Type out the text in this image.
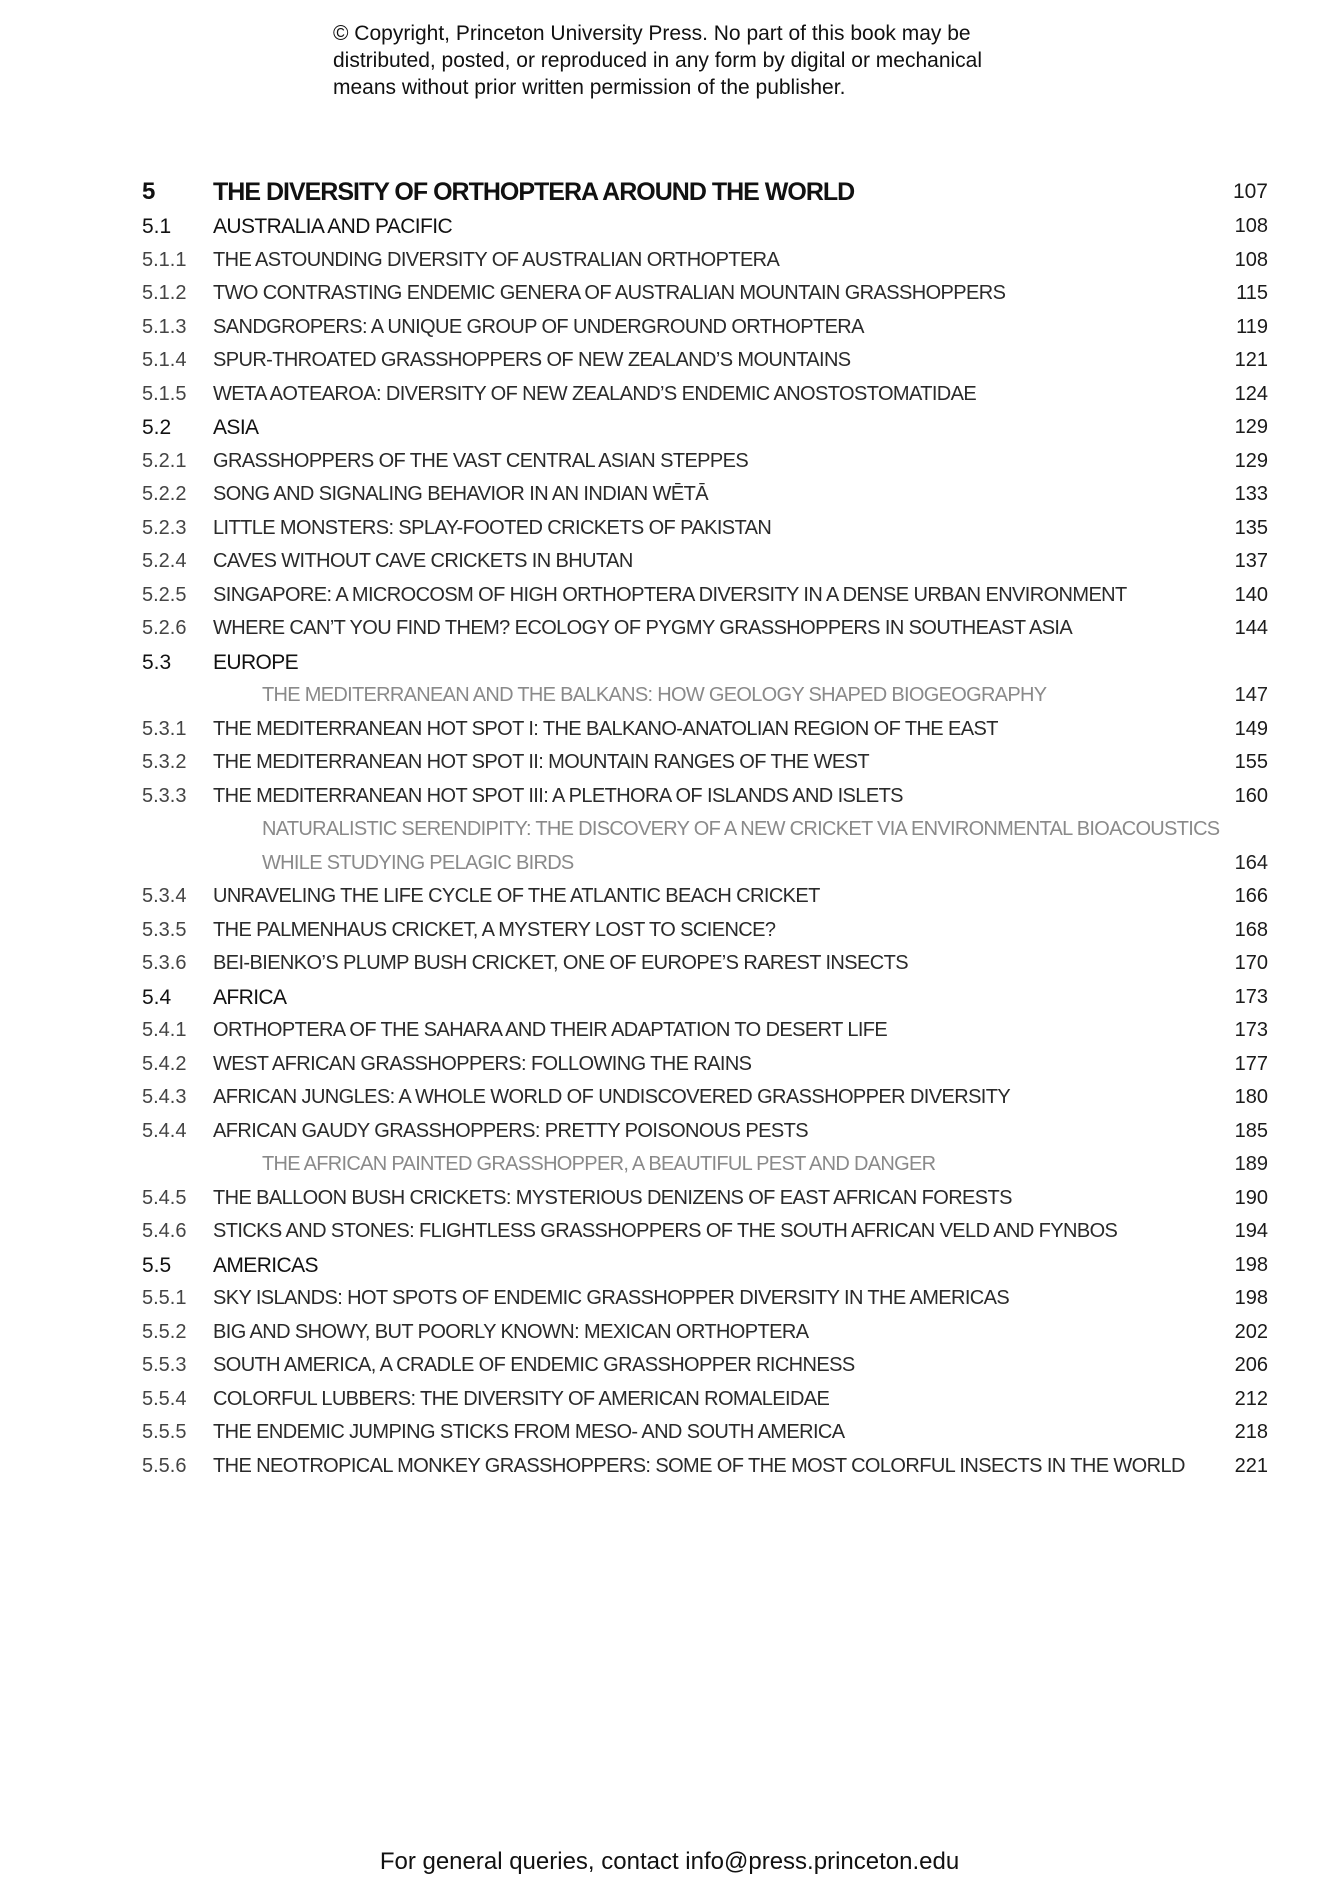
© Copyright, Princeton University Press. No part of this book may be
distributed, posted, or reproduced in any form by digital or mechanical
means without prior written permission of the publisher.
5 THE DIVERSITY OF ORTHOPTERA AROUND THE WORLD	107
5.1 AUSTRALIA AND PACIFIC	108
5.1.1 THE ASTOUNDING DIVERSITY OF AUSTRALIAN ORTHOPTERA	108
5.1.2 TWO CONTRASTING ENDEMIC GENERA OF AUSTRALIAN MOUNTAIN GRASSHOPPERS	115
5.1.3 SANDGROPERS: A UNIQUE GROUP OF UNDERGROUND ORTHOPTERA	119
5.1.4 SPUR-THROATED GRASSHOPPERS OF NEW ZEALAND’S MOUNTAINS	121
5.1.5 WETA AOTEAROA: DIVERSITY OF NEW ZEALAND’S ENDEMIC ANOSTOSTOMATIDAE	124
5.2 ASIA	129
5.2.1 GRASSHOPPERS OF THE VAST CENTRAL ASIAN STEPPES	129
5.2.2 SONG AND SIGNALING BEHAVIOR IN AN INDIAN WĒTĀ	133
5.2.3 LITTLE MONSTERS: SPLAY-FOOTED CRICKETS OF PAKISTAN	135
5.2.4 CAVES WITHOUT CAVE CRICKETS IN BHUTAN	137
5.2.5 SINGAPORE: A MICROCOSM OF HIGH ORTHOPTERA DIVERSITY IN A DENSE URBAN ENVIRONMENT	140
5.2.6 WHERE CAN’T YOU FIND THEM? ECOLOGY OF PYGMY GRASSHOPPERS IN SOUTHEAST ASIA	144
5.3 EUROPE
THE MEDITERRANEAN AND THE BALKANS: HOW GEOLOGY SHAPED BIOGEOGRAPHY	147
5.3.1 THE MEDITERRANEAN HOT SPOT I: THE BALKANO-ANATOLIAN REGION OF THE EAST	149
5.3.2 THE MEDITERRANEAN HOT SPOT II: MOUNTAIN RANGES OF THE WEST	155
5.3.3 THE MEDITERRANEAN HOT SPOT III: A PLETHORA OF ISLANDS AND ISLETS	160
NATURALISTIC SERENDIPITY: THE DISCOVERY OF A NEW CRICKET VIA ENVIRONMENTAL BIOACOUSTICS
WHILE STUDYING PELAGIC BIRDS	164
5.3.4 UNRAVELING THE LIFE CYCLE OF THE ATLANTIC BEACH CRICKET	166
5.3.5 THE PALMENHAUS CRICKET, A MYSTERY LOST TO SCIENCE?	168
5.3.6 BEI-BIENKO’S PLUMP BUSH CRICKET, ONE OF EUROPE’S RAREST INSECTS	170
5.4 AFRICA	173
5.4.1 ORTHOPTERA OF THE SAHARA AND THEIR ADAPTATION TO DESERT LIFE	173
5.4.2 WEST AFRICAN GRASSHOPPERS: FOLLOWING THE RAINS	177
5.4.3 AFRICAN JUNGLES: A WHOLE WORLD OF UNDISCOVERED GRASSHOPPER DIVERSITY	180
5.4.4 AFRICAN GAUDY GRASSHOPPERS: PRETTY POISONOUS PESTS	185
THE AFRICAN PAINTED GRASSHOPPER, A BEAUTIFUL PEST AND DANGER	189
5.4.5 THE BALLOON BUSH CRICKETS: MYSTERIOUS DENIZENS OF EAST AFRICAN FORESTS	190
5.4.6 STICKS AND STONES: FLIGHTLESS GRASSHOPPERS OF THE SOUTH AFRICAN VELD AND FYNBOS	194
5.5 AMERICAS	198
5.5.1 SKY ISLANDS: HOT SPOTS OF ENDEMIC GRASSHOPPER DIVERSITY IN THE AMERICAS	198
5.5.2 BIG AND SHOWY, BUT POORLY KNOWN: MEXICAN ORTHOPTERA	202
5.5.3 SOUTH AMERICA, A CRADLE OF ENDEMIC GRASSHOPPER RICHNESS	206
5.5.4 COLORFUL LUBBERS: THE DIVERSITY OF AMERICAN ROMALEIDAE	212
5.5.5 THE ENDEMIC JUMPING STICKS FROM MESO- AND SOUTH AMERICA	218
5.5.6 THE NEOTROPICAL MONKEY GRASSHOPPERS: SOME OF THE MOST COLORFUL INSECTS IN THE WORLD	221
For general queries, contact info@press.princeton.edu
